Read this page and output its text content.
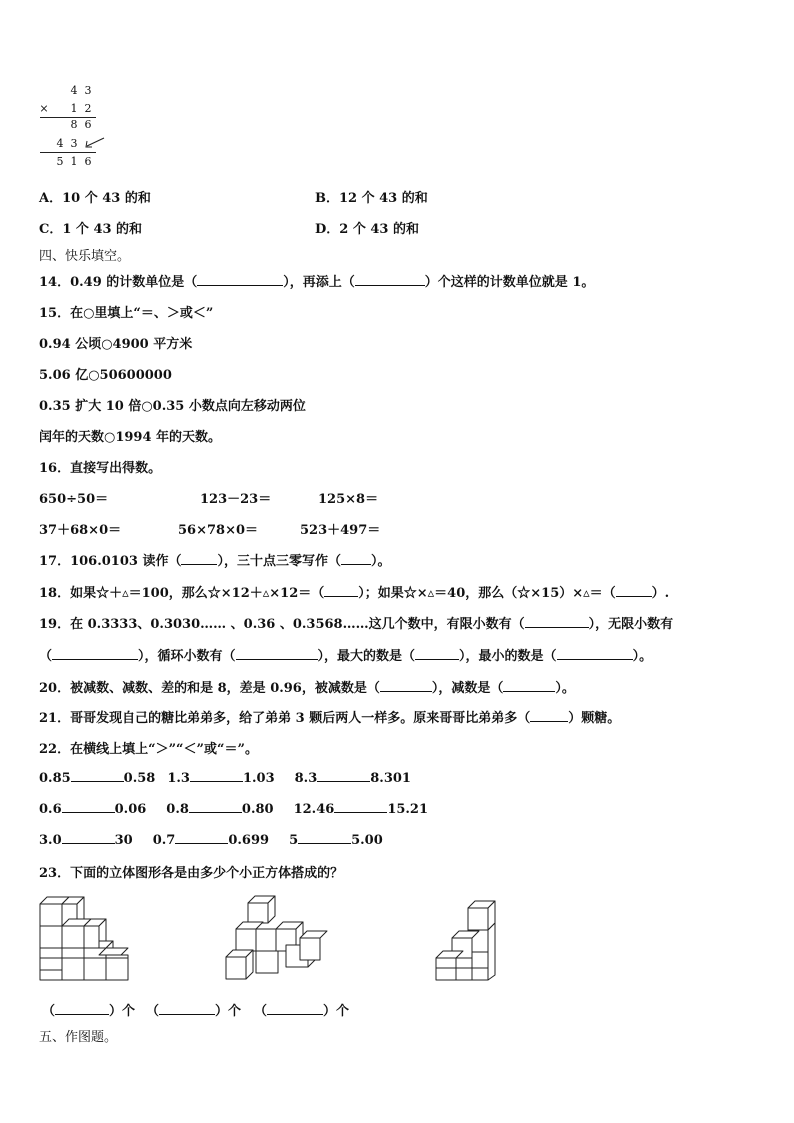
4 3
× 1 2
8 6
4 3
5 1 6
A．10 个 43 的和	B．12 个 43 的和
C．1 个 43 的和	D．2 个 43 的和
四、快乐填空。
14．0.49 的计数单位是（	），再添上（	）个这样的计数单位就是 1。
15．在○里填上“＝、＞或＜”
0.94 公顷○4900 平方米
5.06 亿○50600000
0.35 扩大 10 倍○0.35 小数点向左移动两位
闰年的天数○1994 年的天数。
16．直接写出得数。
650÷50＝	123－23＝	125×8＝
37＋68×0＝	56×78×0＝	523＋497＝
17．106.0103 读作（	），三十点三零写作（ ）。
18．如果☆＋▵＝100，那么☆×12＋▵×12＝（	）；如果☆×▵＝40，那么（☆×15）×▵＝（	）.
19．在 0.3333、0.3030…… 、0.36 、0.3568……这几个数中，有限小数有（	），无限小数有
（	），循环小数有（	），最大的数是（	），最小的数是（	）。
20．被减数、减数、差的和是 8，差是 0.96，被减数是（	），减数是（	）。
21．哥哥发现自己的糖比弟弟多，给了弟弟 3 颗后两人一样多。原来哥哥比弟弟多（	）颗糖。
22．在横线上填上“＞”“＜”或“＝”。
0.85	0.58 1.3	1.03 8.3	8.301
0.6	0.06 0.8	0.80 12.46	15.21
3.0	30 0.7	0.699 5	5.00
23．下面的立体图形各是由多少个小正方体搭成的？
（	）个 （	）个 （	）个
五、作图题。
